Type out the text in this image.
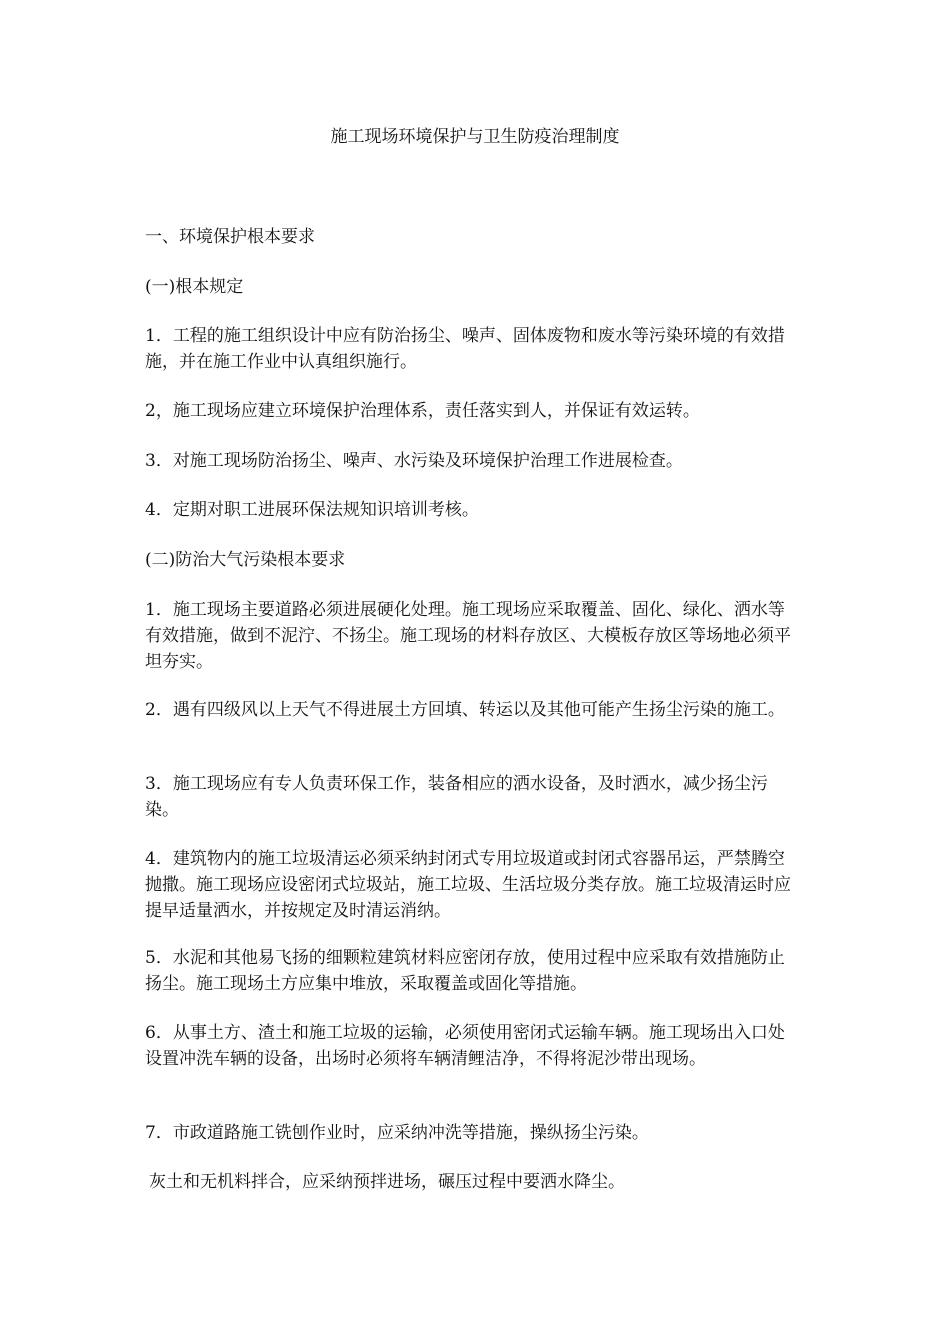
施工现场环境保护与卫生防疫治理制度

一、环境保护根本要求

(一)根本规定

1．工程的施工组织设计中应有防治扬尘、噪声、固体废物和废水等污染环境的有效措施，并在施工作业中认真组织施行。

2，施工现场应建立环境保护治理体系，责任落实到人，并保证有效运转。

3．对施工现场防治扬尘、噪声、水污染及环境保护治理工作进展检查。

4．定期对职工进展环保法规知识培训考核。

(二)防治大气污染根本要求

1．施工现场主要道路必须进展硬化处理。施工现场应采取覆盖、固化、绿化、洒水等有效措施，做到不泥泞、不扬尘。施工现场的材料存放区、大模板存放区等场地必须平坦夯实。

2．遇有四级风以上天气不得进展土方回填、转运以及其他可能产生扬尘污染的施工。

3．施工现场应有专人负责环保工作，装备相应的洒水设备，及时洒水，减少扬尘污染。

4．建筑物内的施工垃圾清运必须采纳封闭式专用垃圾道或封闭式容器吊运，严禁腾空抛撒。施工现场应设密闭式垃圾站，施工垃圾、生活垃圾分类存放。施工垃圾清运时应提早适量洒水，并按规定及时清运消纳。

5．水泥和其他易飞扬的细颗粒建筑材料应密闭存放，使用过程中应采取有效措施防止扬尘。施工现场土方应集中堆放，采取覆盖或固化等措施。

6．从事土方、渣土和施工垃圾的运输，必须使用密闭式运输车辆。施工现场出入口处设置冲洗车辆的设备，出场时必须将车辆清鲤洁净，不得将泥沙带出现场。

7．市政道路施工铣刨作业时，应采纳冲洗等措施，操纵扬尘污染。

灰土和无机料拌合，应采纳预拌进场，碾压过程中要洒水降尘。
